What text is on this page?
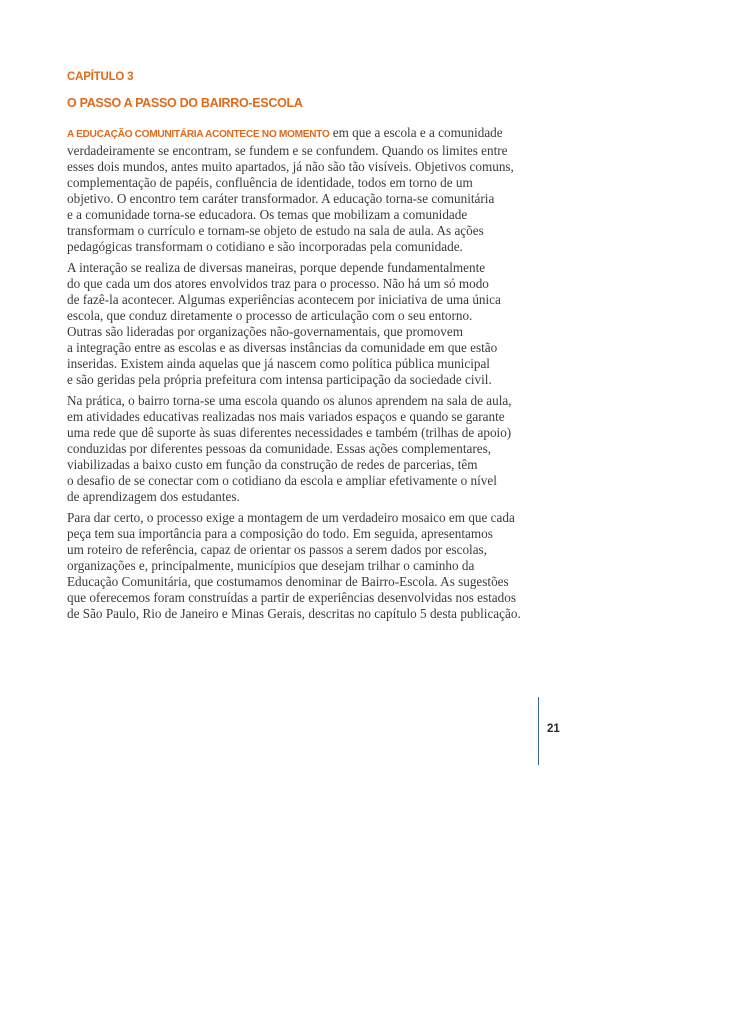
CAPÍTULO 3
O PASSO A PASSO DO BAIRRO-ESCOLA

A EDUCAÇÃO COMUNITÁRIA ACONTECE NO MOMENTO em que a escola e a comunidade
verdadeiramente se encontram, se fundem e se confundem. Quando os limites entre
esses dois mundos, antes muito apartados, já não são tão visíveis. Objetivos comuns,
complementação de papéis, confluência de identidade, todos em torno de um
objetivo. O encontro tem caráter transformador. A educação torna-se comunitária
e a comunidade torna-se educadora. Os temas que mobilizam a comunidade
transformam o currículo e tornam-se objeto de estudo na sala de aula. As ações
pedagógicas transformam o cotidiano e são incorporadas pela comunidade.

A interação se realiza de diversas maneiras, porque depende fundamentalmente
do que cada um dos atores envolvidos traz para o processo. Não há um só modo
de fazê-la acontecer. Algumas experiências acontecem por iniciativa de uma única
escola, que conduz diretamente o processo de articulação com o seu entorno.
Outras são lideradas por organizações não-governamentais, que promovem
a integração entre as escolas e as diversas instâncias da comunidade em que estão
inseridas. Existem ainda aquelas que já nascem como política pública municipal
e são geridas pela própria prefeitura com intensa participação da sociedade civil.

Na prática, o bairro torna-se uma escola quando os alunos aprendem na sala de aula,
em atividades educativas realizadas nos mais variados espaços e quando se garante
uma rede que dê suporte às suas diferentes necessidades e também (trilhas de apoio)
conduzidas por diferentes pessoas da comunidade. Essas ações complementares,
viabilizadas a baixo custo em função da construção de redes de parcerias, têm
o desafio de se conectar com o cotidiano da escola e ampliar efetivamente o nível
de aprendizagem dos estudantes.

Para dar certo, o processo exige a montagem de um verdadeiro mosaico em que cada
peça tem sua importância para a composição do todo. Em seguida, apresentamos
um roteiro de referência, capaz de orientar os passos a serem dados por escolas,
organizações e, principalmente, municípios que desejam trilhar o caminho da
Educação Comunitária, que costumamos denominar de Bairro-Escola. As sugestões
que oferecemos foram construídas a partir de experiências desenvolvidas nos estados
de São Paulo, Rio de Janeiro e Minas Gerais, descritas no capítulo 5 desta publicação.

21
